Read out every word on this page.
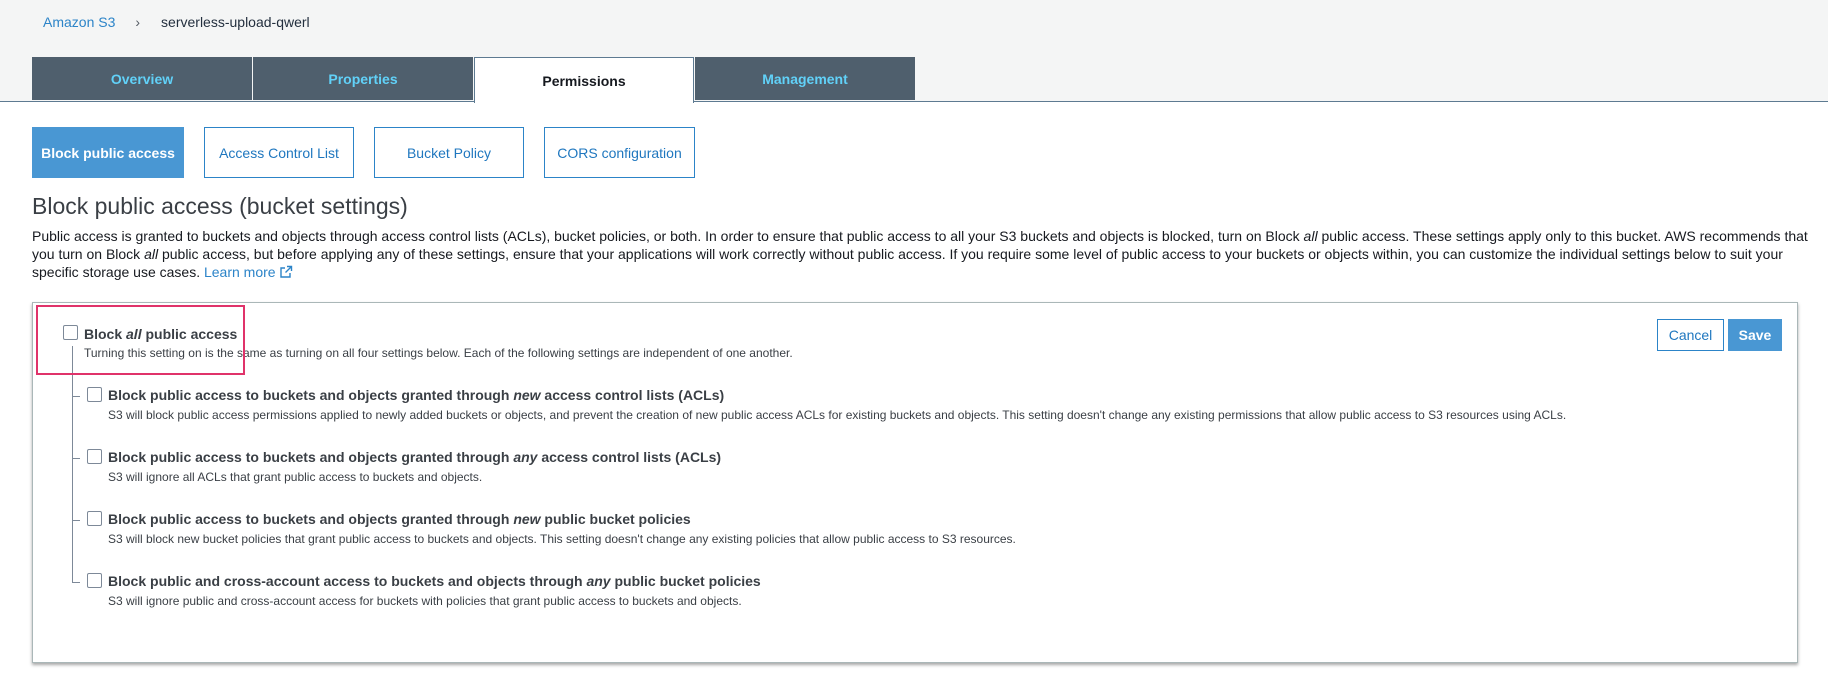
Amazon S3 › serverless-upload-qwerl
Overview	Properties	Permissions	Management
Block public access	Access Control List	Bucket Policy	CORS configuration
Block public access (bucket settings)

Public access is granted to buckets and objects through access control lists (ACLs), bucket policies, or both. In order to ensure that public access to all your S3 buckets and objects is blocked, turn on Block all public access. These settings apply only to this bucket. AWS recommends that you turn on Block all public access, but before applying any of these settings, ensure that your applications will work correctly without public access. If you require some level of public access to your buckets or objects within, you can customize the individual settings below to suit your specific storage use cases. Learn more

Block all public access
Turning this setting on is the same as turning on all four settings below. Each of the following settings are independent of one another.
Block public access to buckets and objects granted through new access control lists (ACLs)
S3 will block public access permissions applied to newly added buckets or objects, and prevent the creation of new public access ACLs for existing buckets and objects. This setting doesn't change any existing permissions that allow public access to S3 resources using ACLs.
Block public access to buckets and objects granted through any access control lists (ACLs)
S3 will ignore all ACLs that grant public access to buckets and objects.
Block public access to buckets and objects granted through new public bucket policies
S3 will block new bucket policies that grant public access to buckets and objects. This setting doesn't change any existing policies that allow public access to S3 resources.
Block public and cross-account access to buckets and objects through any public bucket policies
S3 will ignore public and cross-account access for buckets with policies that grant public access to buckets and objects.
Cancel	Save
